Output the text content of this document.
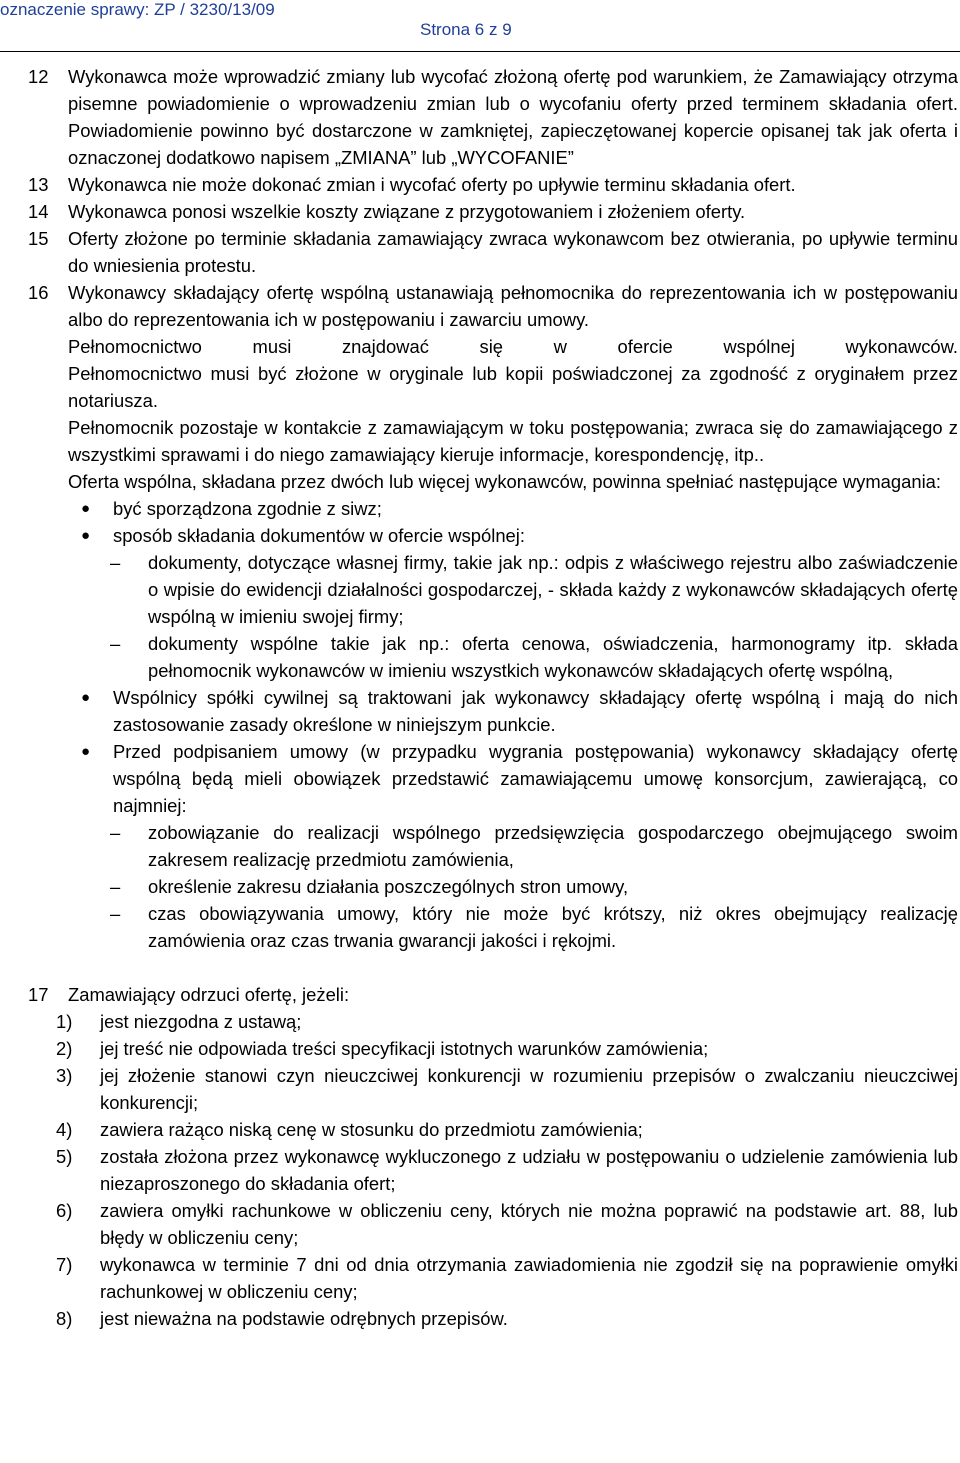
oznaczenie sprawy: ZP / 3230/13/09
Strona 6 z 9
12 Wykonawca może wprowadzić zmiany lub wycofać złożoną ofertę pod warunkiem, że Zamawiający otrzyma pisemne powiadomienie o wprowadzeniu zmian lub o wycofaniu oferty przed terminem składania ofert. Powiadomienie powinno być dostarczone w zamkniętej, zapieczętowanej kopercie opisanej tak jak oferta i oznaczonej dodatkowo napisem „ZMIANA” lub „WYCOFANIE”

13 Wykonawca nie może dokonać zmian i wycofać oferty po upływie terminu składania ofert.

14 Wykonawca ponosi wszelkie koszty związane z przygotowaniem i złożeniem oferty.

15 Oferty złożone po terminie składania zamawiający zwraca wykonawcom bez otwierania, po upływie terminu do wniesienia protestu.

16 Wykonawcy składający ofertę wspólną ustanawiają pełnomocnika do reprezentowania ich w postępowaniu albo do reprezentowania ich w postępowaniu i zawarciu umowy.

Pełnomocnictwo musi znajdować się w ofercie wspólnej wykonawców.

Pełnomocnictwo musi być złożone w oryginale lub kopii poświadczonej za zgodność z oryginałem przez notariusza.

Pełnomocnik pozostaje w kontakcie z zamawiającym w toku postępowania; zwraca się do zamawiającego z wszystkimi sprawami i do niego zamawiający kieruje informacje, korespondencję, itp..

Oferta wspólna, składana przez dwóch lub więcej wykonawców, powinna spełniać następujące wymagania:

● być sporządzona zgodnie z siwz;
● sposób składania dokumentów w ofercie wspólnej:
– dokumenty, dotyczące własnej firmy, takie jak np.: odpis z właściwego rejestru albo zaświadczenie o wpisie do ewidencji działalności gospodarczej, - składa każdy z wykonawców składających ofertę wspólną w imieniu swojej firmy;
– dokumenty wspólne takie jak np.: oferta cenowa, oświadczenia, harmonogramy itp. składa pełnomocnik wykonawców w imieniu wszystkich wykonawców składających ofertę wspólną,
● Wspólnicy spółki cywilnej są traktowani jak wykonawcy składający ofertę wspólną i mają do nich zastosowanie zasady określone w niniejszym punkcie.
● Przed podpisaniem umowy (w przypadku wygrania postępowania) wykonawcy składający ofertę wspólną będą mieli obowiązek przedstawić zamawiającemu umowę konsorcjum, zawierającą, co najmniej:
– zobowiązanie do realizacji wspólnego przedsięwzięcia gospodarczego obejmującego swoim zakresem realizację przedmiotu zamówienia,
– określenie zakresu działania poszczególnych stron umowy,
– czas obowiązywania umowy, który nie może być krótszy, niż okres obejmujący realizację zamówienia oraz czas trwania gwarancji jakości i rękojmi.
17 Zamawiający odrzuci ofertę, jeżeli:
1) jest niezgodna z ustawą;
2) jej treść nie odpowiada treści specyfikacji istotnych warunków zamówienia;
3) jej złożenie stanowi czyn nieuczciwej konkurencji w rozumieniu przepisów o zwalczaniu nieuczciwej konkurencji;
4) zawiera rażąco niską cenę w stosunku do przedmiotu zamówienia;
5) została złożona przez wykonawcę wykluczonego z udziału w postępowaniu o udzielenie zamówienia lub niezaproszonego do składania ofert;
6) zawiera omyłki rachunkowe w obliczeniu ceny, których nie można poprawić na podstawie art. 88, lub błędy w obliczeniu ceny;
7) wykonawca w terminie 7 dni od dnia otrzymania zawiadomienia nie zgodził się na poprawienie omyłki rachunkowej w obliczeniu ceny;
8) jest nieważna na podstawie odrębnych przepisów.
